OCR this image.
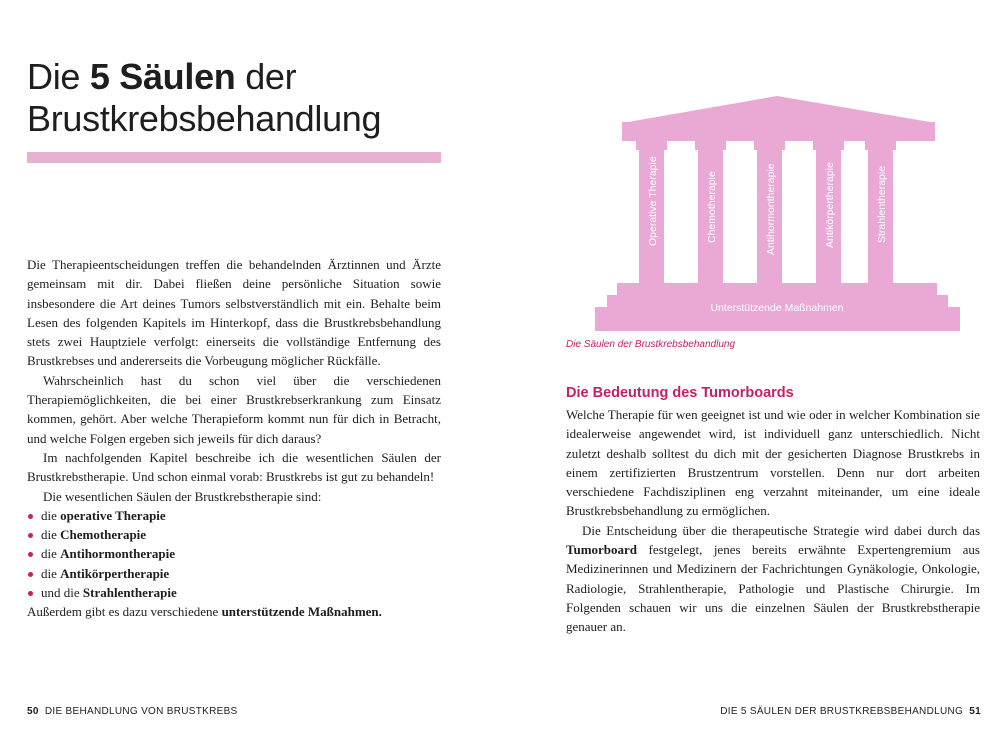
Die 5 Säulen der
Brustkrebsbehandlung

Die Therapieentscheidungen treffen die behandelnden Ärztinnen und Ärzte gemeinsam mit dir. Dabei fließen deine persönliche Situation sowie insbesondere die Art deines Tumors selbstverständlich mit ein. Behalte beim Lesen des folgenden Kapitels im Hinterkopf, dass die Brustkrebsbehandlung stets zwei Hauptziele verfolgt: einerseits die vollständige Entfernung des Brustkrebses und andererseits die Vorbeugung möglicher Rückfälle.

Wahrscheinlich hast du schon viel über die verschiedenen Therapiemöglichkeiten, die bei einer Brustkrebserkrankung zum Einsatz kommen, gehört. Aber welche Therapieform kommt nun für dich in Betracht, und welche Folgen ergeben sich jeweils für dich daraus?

Im nachfolgenden Kapitel beschreibe ich die wesentlichen Säulen der Brustkrebstherapie. Und schon einmal vorab: Brustkrebs ist gut zu behandeln!

Die wesentlichen Säulen der Brustkrebstherapie sind:

die operative Therapie
die Chemotherapie
die Antihormontherapie
die Antikörpertherapie
und die Strahlentherapie

Außerdem gibt es dazu verschiedene unterstützende Maßnahmen.

50 DIE BEHANDLUNG VON BRUSTKREBS
Operative Therapie	Chemotherapie	Antihormontherapie	Antikörpertherapie	Strahlentherapie
Unterstützende Maßnahmen
Die Säulen der Brustkrebsbehandlung
Die Bedeutung des Tumorboards

Welche Therapie für wen geeignet ist und wie oder in welcher Kombination sie idealerweise angewendet wird, ist individuell ganz unterschiedlich. Nicht zuletzt deshalb solltest du dich mit der gesicherten Diagnose Brustkrebs in einem zertifizierten Brustzentrum vorstellen. Denn nur dort arbeiten verschiedene Fachdisziplinen eng verzahnt miteinander, um eine ideale Brustkrebsbehandlung zu ermöglichen.

Die Entscheidung über die therapeutische Strategie wird dabei durch das Tumorboard festgelegt, jenes bereits erwähnte Expertengremium aus Medizinerinnen und Medizinern der Fachrichtungen Gynäkologie, Onkologie, Radiologie, Strahlentherapie, Pathologie und Plastische Chirurgie. Im Folgenden schauen wir uns die einzelnen Säulen der Brustkrebstherapie genauer an.

DIE 5 SÄULEN DER BRUSTKREBSBEHANDLUNG 51
